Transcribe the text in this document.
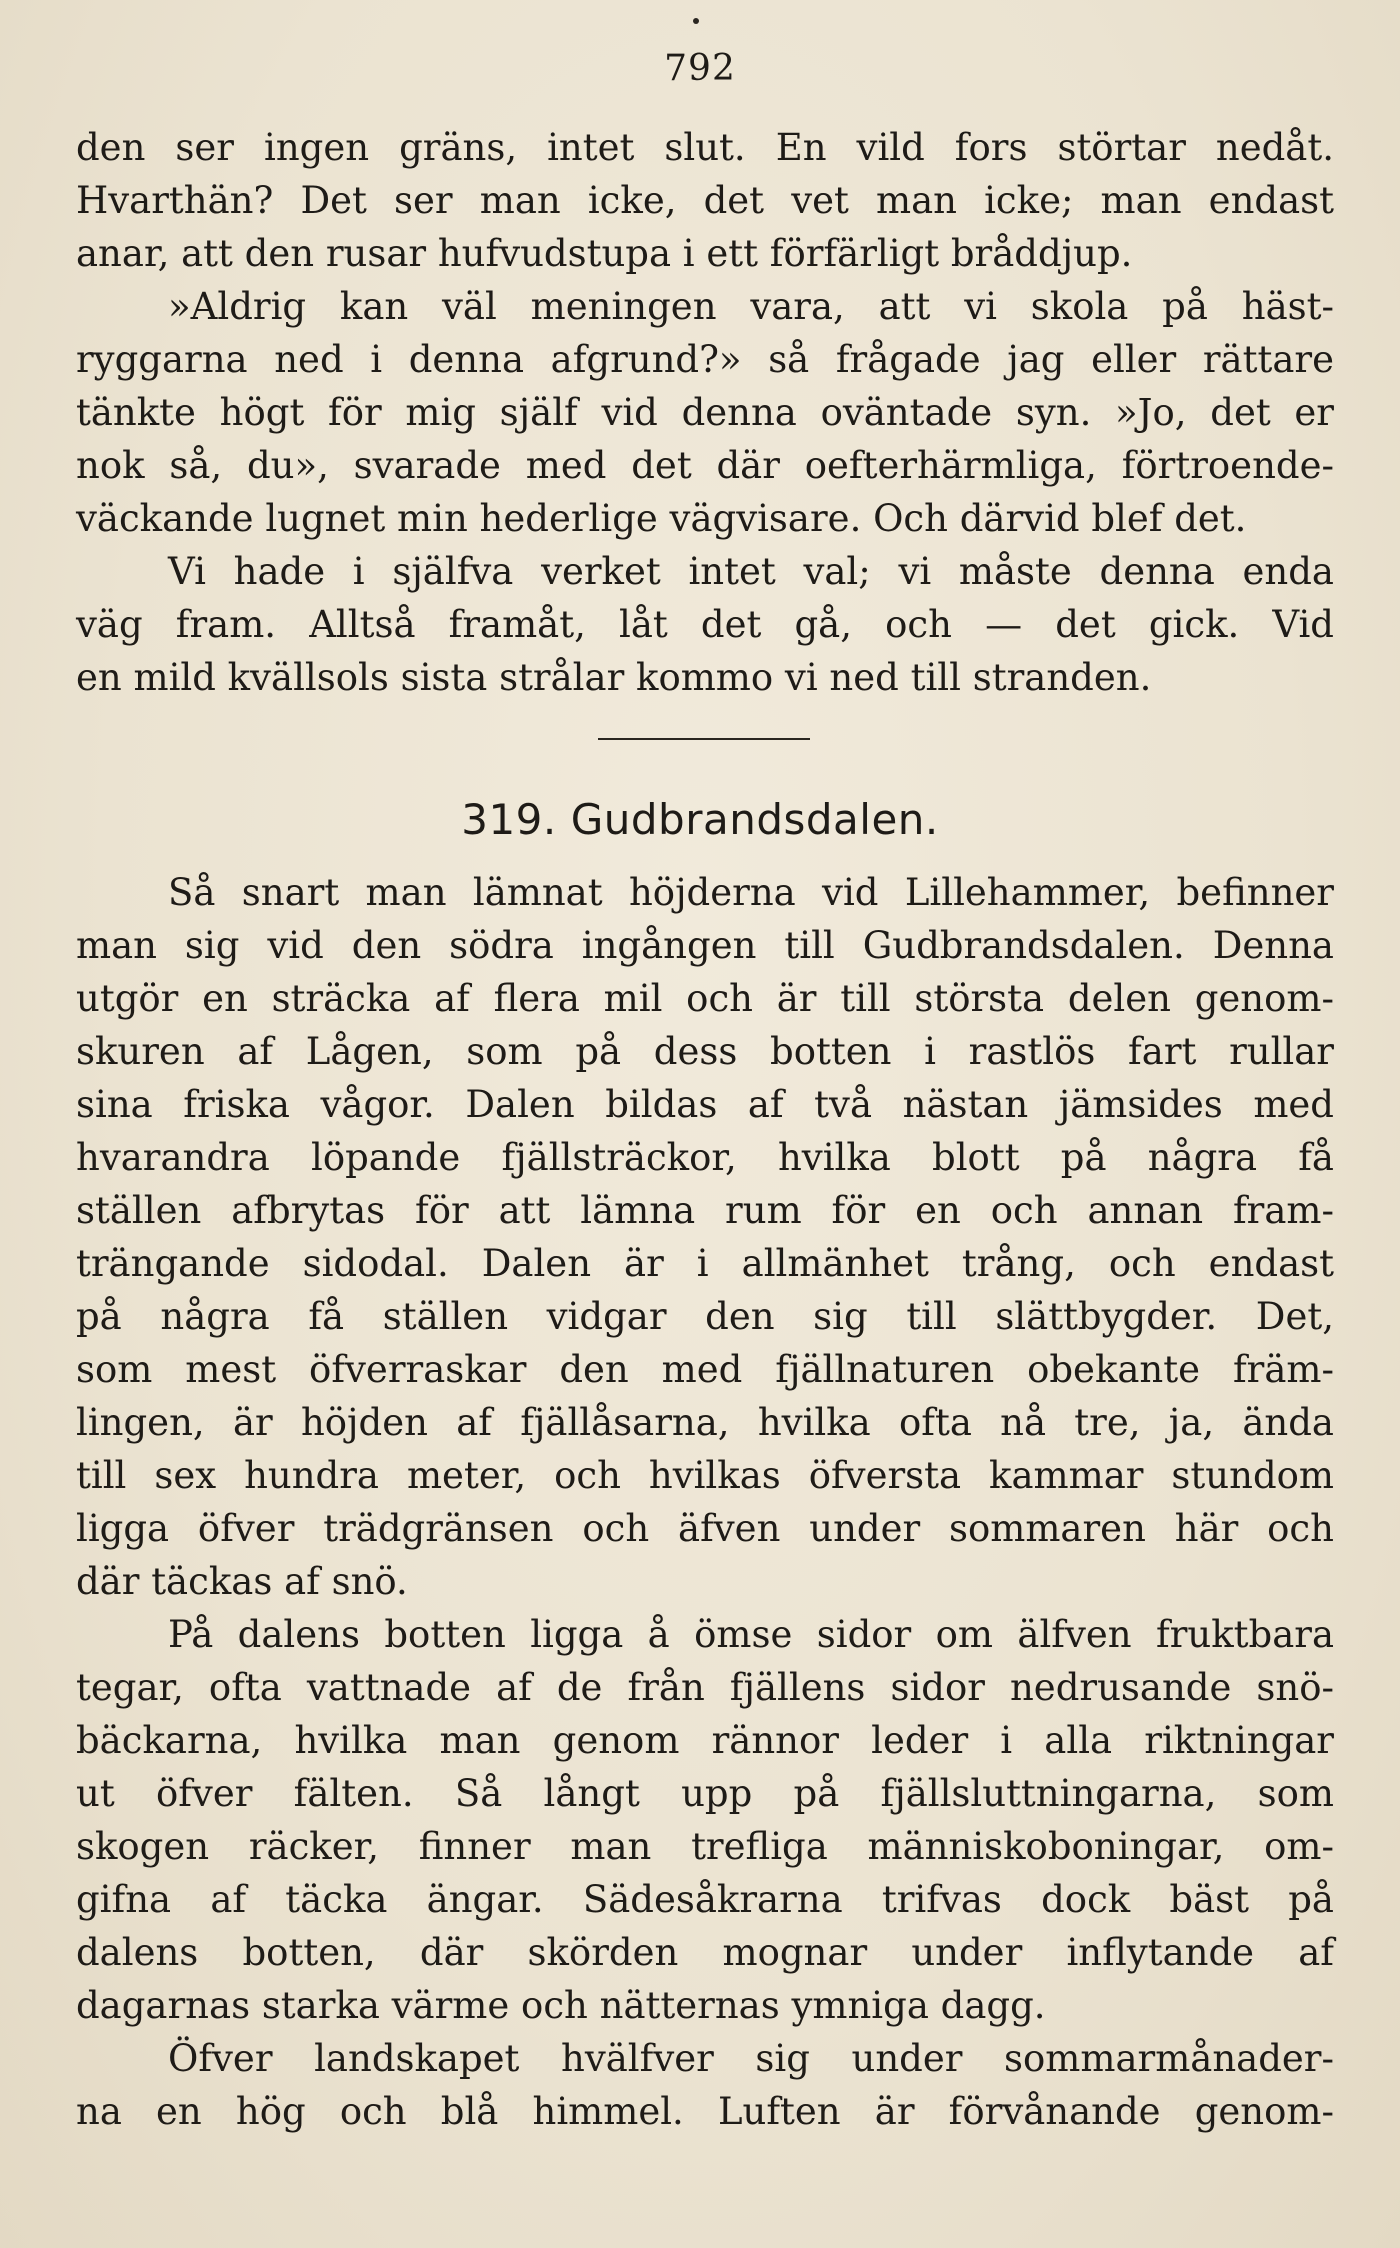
792
den ser ingen gräns, intet slut. En vild fors störtar nedåt.
Hvarthän? Det ser man icke, det vet man icke; man endast
anar, att den rusar hufvudstupa i ett förfärligt bråddjup.
»Aldrig kan väl meningen vara, att vi skola på häst-
ryggarna ned i denna afgrund?» så frågade jag eller rättare
tänkte högt för mig själf vid denna oväntade syn. »Jo, det er
nok så, du», svarade med det där oefterhärmliga, förtroende-
väckande lugnet min hederlige vägvisare. Och därvid blef det.
Vi hade i själfva verket intet val; vi måste denna enda
väg fram. Alltså framåt, låt det gå, och — det gick. Vid
en mild kvällsols sista strålar kommo vi ned till stranden.
319. Gudbrandsdalen.
Så snart man lämnat höjderna vid Lillehammer, befinner
man sig vid den södra ingången till Gudbrandsdalen. Denna
utgör en sträcka af flera mil och är till största delen genom-
skuren af Lågen, som på dess botten i rastlös fart rullar
sina friska vågor. Dalen bildas af två nästan jämsides med
hvarandra löpande fjällsträckor, hvilka blott på några få
ställen afbrytas för att lämna rum för en och annan fram-
trängande sidodal. Dalen är i allmänhet trång, och endast
på några få ställen vidgar den sig till slättbygder. Det,
som mest öfverraskar den med fjällnaturen obekante främ-
lingen, är höjden af fjällåsarna, hvilka ofta nå tre, ja, ända
till sex hundra meter, och hvilkas öfversta kammar stundom
ligga öfver trädgränsen och äfven under sommaren här och
där täckas af snö.
På dalens botten ligga å ömse sidor om älfven fruktbara
tegar, ofta vattnade af de från fjällens sidor nedrusande snö-
bäckarna, hvilka man genom rännor leder i alla riktningar
ut öfver fälten. Så långt upp på fjällsluttningarna, som
skogen räcker, finner man trefliga människoboningar, om-
gifna af täcka ängar. Sädesåkrarna trifvas dock bäst på
dalens botten, där skörden mognar under inflytande af
dagarnas starka värme och nätternas ymniga dagg.
Öfver landskapet hvälfver sig under sommarmånader-
na en hög och blå himmel. Luften är förvånande genom-
